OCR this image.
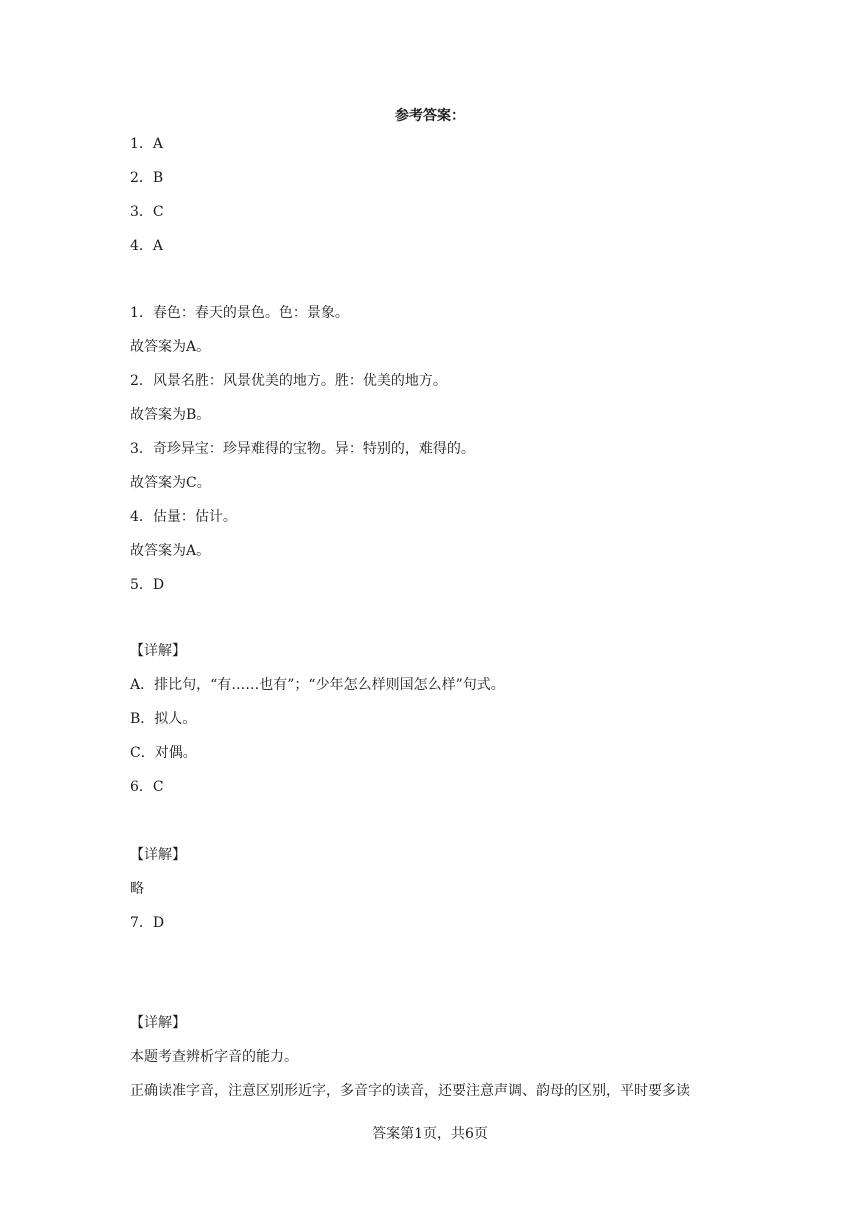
参考答案：
1．A
2．B
3．C
4．A
1．春色：春天的景色。色：景象。
故答案为A。
2．风景名胜：风景优美的地方。胜：优美的地方。
故答案为B。
3．奇珍异宝：珍异难得的宝物。异：特别的，难得的。
故答案为C。
4．估量：估计。
故答案为A。
5．D
【详解】
A．排比句，“有……也有”；“少年怎么样则国怎么样”句式。
B．拟人。
C．对偶。
6．C
【详解】
略
7．D
【详解】
本题考查辨析字音的能力。
正确读准字音，注意区别形近字，多音字的读音，还要注意声调、韵母的区别，平时要多读
答案第1页，共6页
